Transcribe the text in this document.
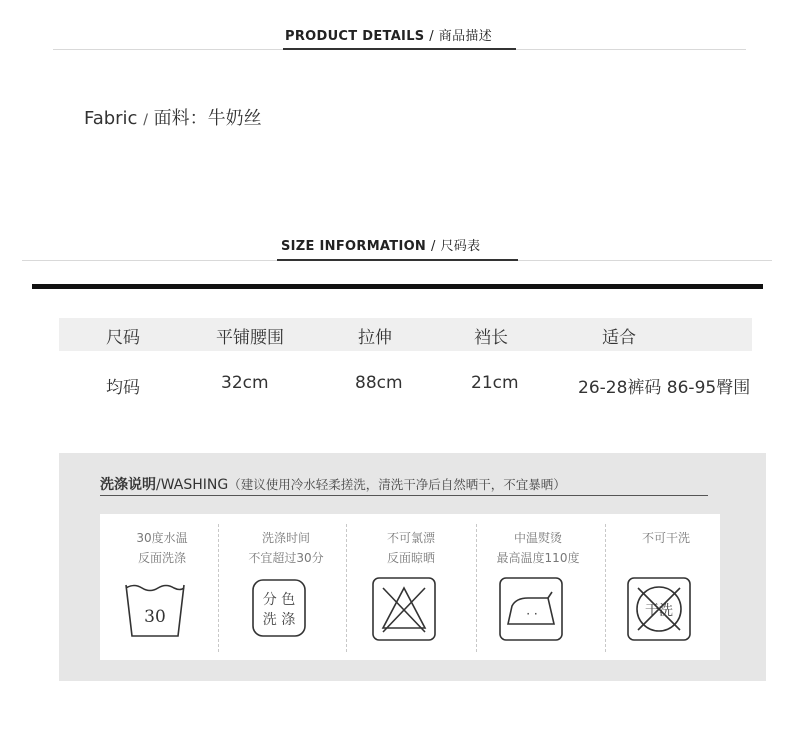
PRODUCT DETAILS / 商品描述
Fabric / 面料：牛奶丝
SIZE INFORMATION / 尺码表
尺码	平铺腰围	拉伸	裆长	适合
均码	32cm	88cm	21cm	26-28裤码 86-95臀围
洗涤说明/WASHING（建议使用冷水轻柔搓洗，清洗干净后自然晒干，不宜暴晒）
30度水温
反面洗涤
30
洗涤时间
不宜超过30分
分 色
洗 涤
不可氯漂
反面晾晒
中温熨烫
最高温度110度
· ·
不可干洗
干洗
